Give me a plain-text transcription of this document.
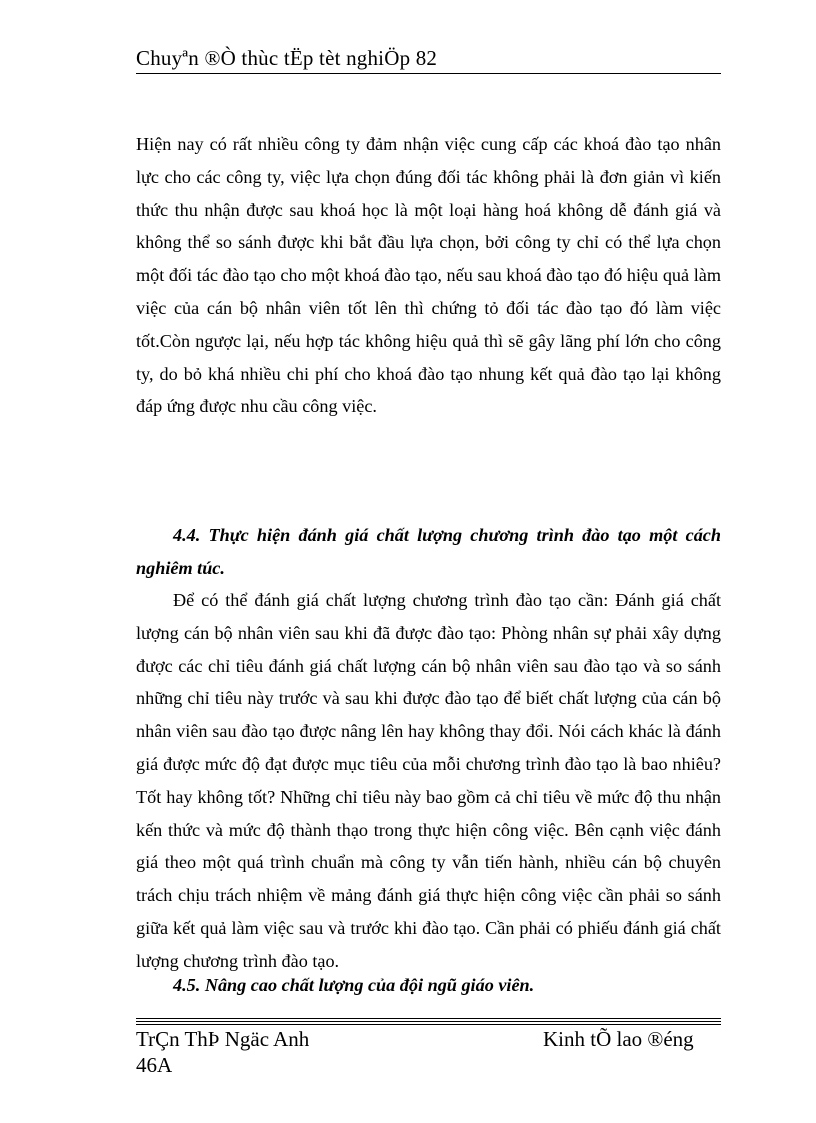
Chuyªn ®Ò thùc tËp tèt nghiÖp 82

Hiện nay có rất nhiều công ty đảm nhận việc cung cấp các khoá đào tạo nhân lực cho các công ty, việc lựa chọn đúng đối tác không phải là đơn giản vì kiến thức thu nhận được sau khoá học là một loại hàng hoá không dễ đánh giá và không thể so sánh được khi bắt đầu lựa chọn, bởi công ty chỉ có thể lựa chọn một đối tác đào tạo cho một khoá đào tạo, nếu sau khoá đào tạo đó hiệu quả làm việc của cán bộ nhân viên tốt lên thì chứng tỏ đối tác đào tạo đó làm việc tốt.Còn ngược lại, nếu hợp tác không hiệu quả thì sẽ gây lãng phí lớn cho công ty, do bỏ khá nhiều chi phí cho khoá đào tạo nhung kết quả đào tạo lại không đáp ứng được nhu cầu công việc.

4.4. Thực hiện đánh giá chất lượng chương trình đào tạo một cách nghiêm túc.

Để có thể đánh giá chất lượng chương trình đào tạo cần: Đánh giá chất lượng cán bộ nhân viên sau khi đã được đào tạo: Phòng nhân sự phải xây dựng được các chỉ tiêu đánh giá chất lượng cán bộ nhân viên sau đào tạo và so sánh những chỉ tiêu này trước và sau khi được đào tạo để biết chất lượng của cán bộ nhân viên sau đào tạo được nâng lên hay không thay đổi. Nói cách khác là đánh giá được mức độ đạt được mục tiêu của mỗi chương trình đào tạo là bao nhiêu? Tốt hay không tốt? Những chỉ tiêu này bao gồm cả chỉ tiêu về mức độ thu nhận kến thức và mức độ thành thạo trong thực hiện công việc. Bên cạnh việc đánh giá theo một quá trình chuẩn mà công ty vẫn tiến hành, nhiều cán bộ chuyên trách chịu trách nhiệm về mảng đánh giá thực hiện công việc cần phải so sánh giữa kết quả làm việc sau và trước khi đào tạo. Cần phải có phiếu đánh giá chất lượng chương trình đào tạo.

4.5. Nâng cao chất lượng của đội ngũ giáo viên.

TrÇn ThÞ Ngäc Anh
46A
Kinh tÕ lao ®éng
